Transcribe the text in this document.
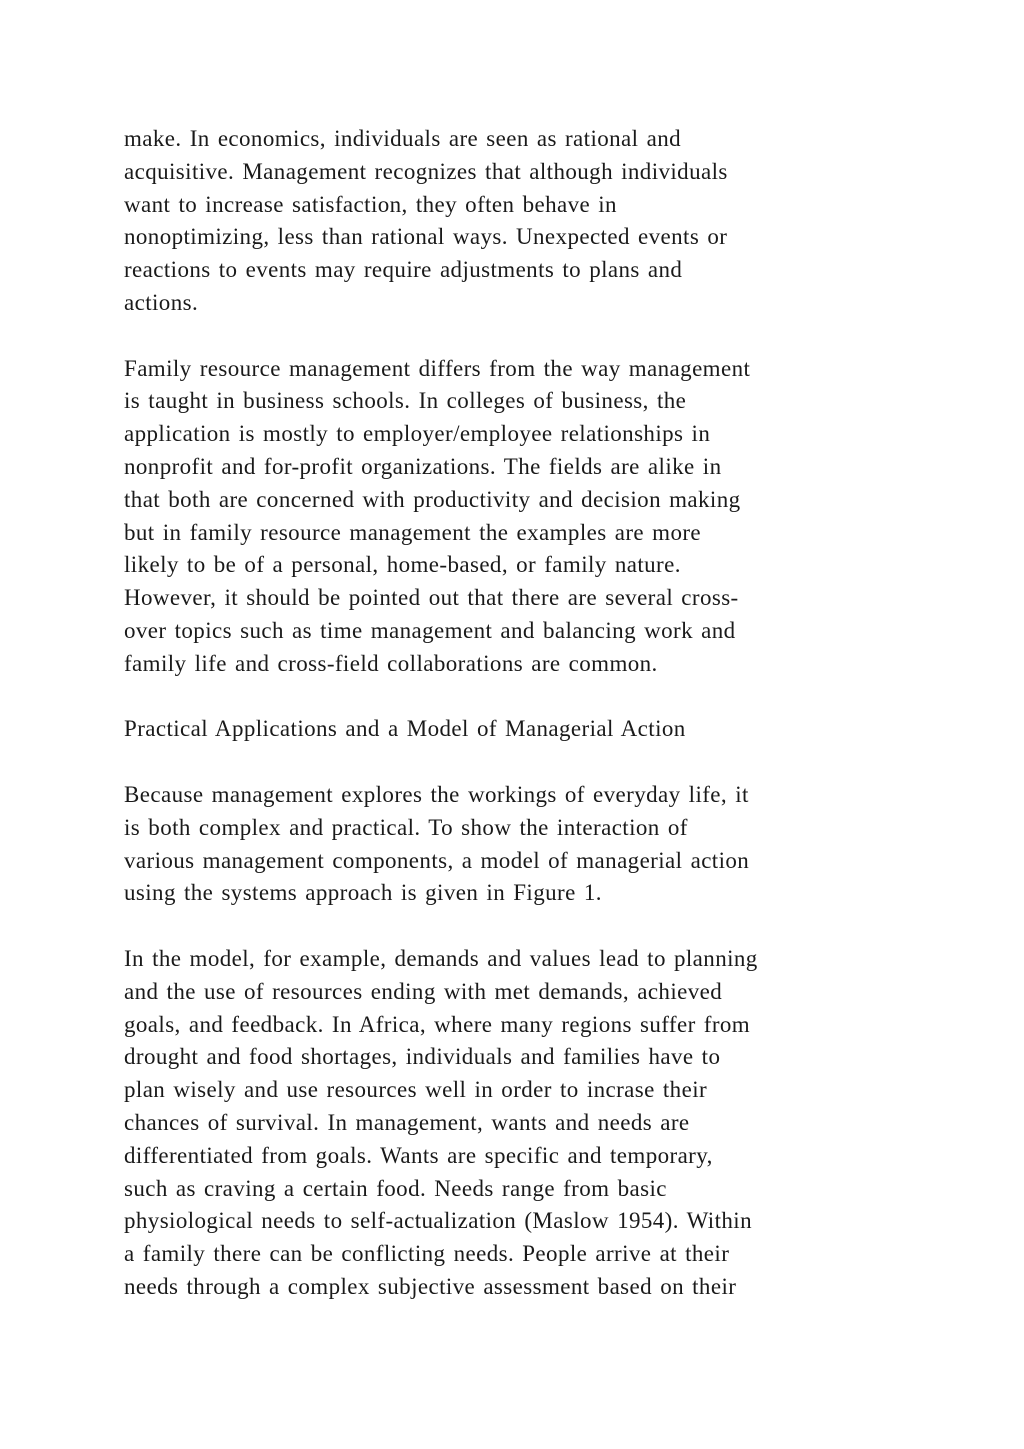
make. In economics, individuals are seen as rational and
acquisitive. Management recognizes that although individuals
want to increase satisfaction, they often behave in
nonoptimizing, less than rational ways. Unexpected events or
reactions to events may require adjustments to plans and
actions.
Family resource management differs from the way management
is taught in business schools. In colleges of business, the
application is mostly to employer/employee relationships in
nonprofit and for-profit organizations. The fields are alike in
that both are concerned with productivity and decision making
but in family resource management the examples are more
likely to be of a personal, home-based, or family nature.
However, it should be pointed out that there are several cross-
over topics such as time management and balancing work and
family life and cross-field collaborations are common.
Practical Applications and a Model of Managerial Action
Because management explores the workings of everyday life, it
is both complex and practical. To show the interaction of
various management components, a model of managerial action
using the systems approach is given in Figure 1.
In the model, for example, demands and values lead to planning
and the use of resources ending with met demands, achieved
goals, and feedback. In Africa, where many regions suffer from
drought and food shortages, individuals and families have to
plan wisely and use resources well in order to incrase their
chances of survival. In management, wants and needs are
differentiated from goals. Wants are specific and temporary,
such as craving a certain food. Needs range from basic
physiological needs to self-actualization (Maslow 1954). Within
a family there can be conflicting needs. People arrive at their
needs through a complex subjective assessment based on their
